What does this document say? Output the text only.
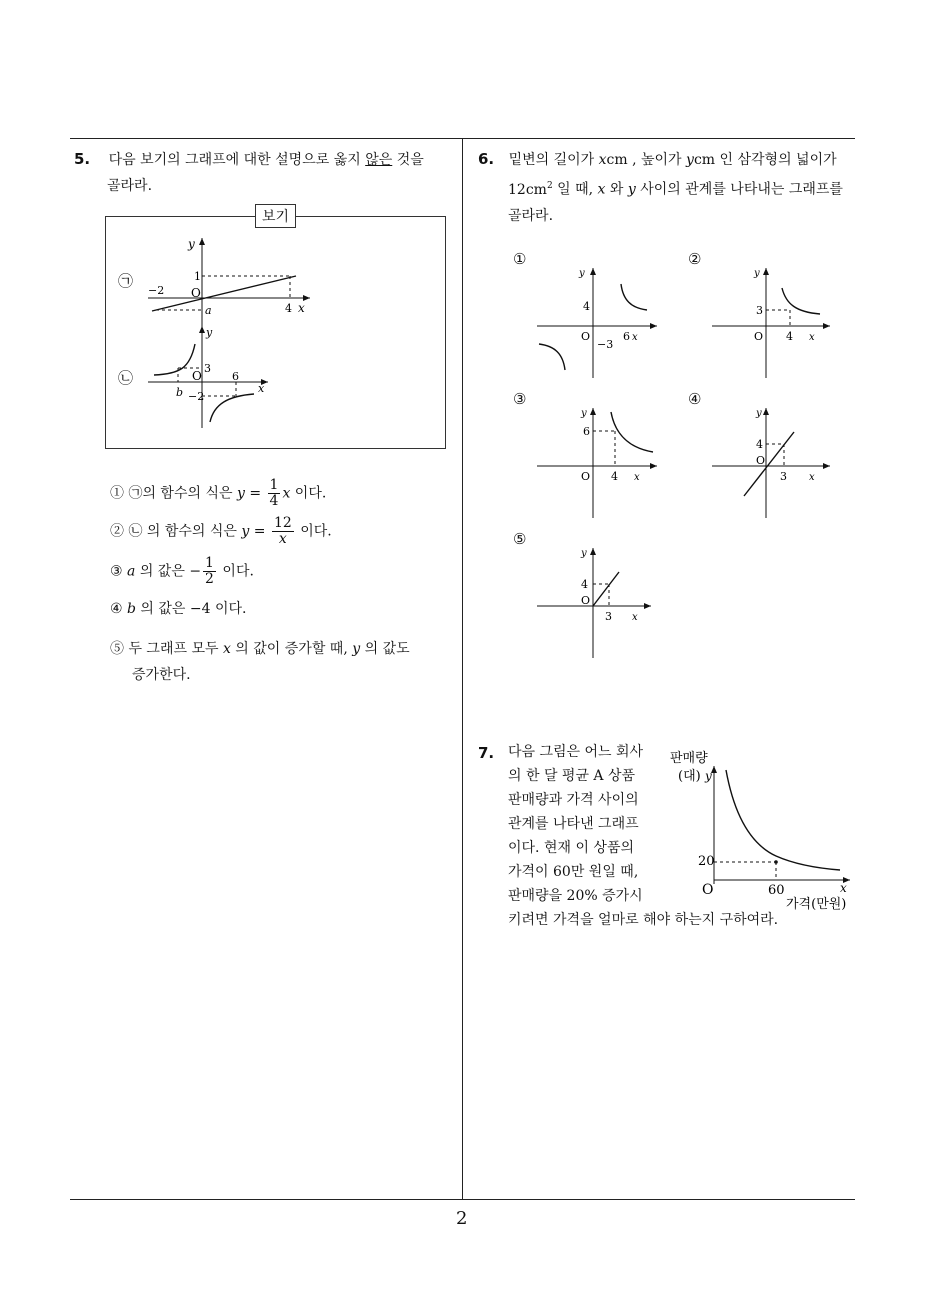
2
5. 다음 보기의 그래프에 대한 설명으로 옳지 않은 것을
골라라.
보기
y
1
−2 O
4 x
a
㉠
y
3
O	6
b −2
x
㉡
① ㉠의 함수의 식은 $y = \frac{1}{4}$ x 이다.
② ㉡ 의 함수의 식은 $y = \frac{12}{x}$ 이다.
③ a 의 값은 − $\frac{1}{2}$ 이다.
④ b 의 값은 −4 이다.
⑤ 두 그래프 모두 x 의 값이 증가할 때, y 의 값도
증가한다.
6. 밑변의 길이가 xcm , 높이가 ycm 인 삼각형의 넓이가
$12cm^2$ 일 때, x 와 y 사이의 관계를 나타내는 그래프를
골라라.
①
y
4
O	6 x
−3
②
y
3
O 4 x
③
y
6
O 4 x
④
y
4
O
3 x
⑤
y
4
O
3 x
7. 다음 그림은 어느 회사
의 한 달 평균 A 상품
판매량과 가격 사이의
관계를 나타낸 그래프
이다. 현재 이 상품의
가격이 60만 원일 때,
판매량을 20% 증가시
키려면 가격을 얼마로 해야 하는지 구하여라.
판매량
(대) y
20
O	60	x
가격(만원)
